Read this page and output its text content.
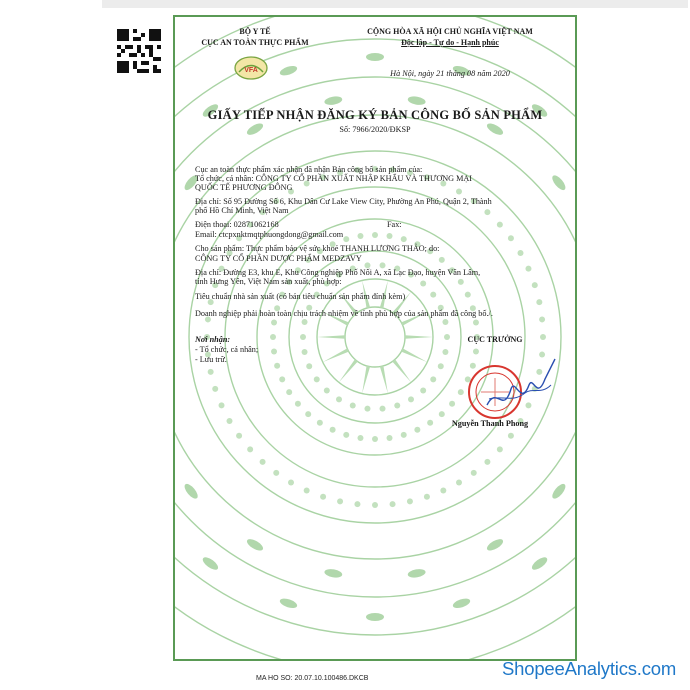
VFA
BỘ Y TẾ
CỤC AN TOÀN THỰC PHẨM
CỘNG HÒA XÃ HỘI CHỦ NGHĨA VIỆT NAM
Độc lập - Tự do - Hạnh phúc
Hà Nội, ngày 21 tháng 08 năm 2020
GIẤY TIẾP NHẬN ĐĂNG KÝ BẢN CÔNG BỐ SẢN PHẨM
Số: 7966/2020/ĐKSP
Cục an toàn thực phẩm xác nhận đã nhận Bản công bố sản phẩm của:
Tổ chức, cá nhân: CÔNG TY CỔ PHẦN XUẤT NHẬP KHẨU VÀ THƯƠNG MẠI
QUỐC TẾ PHƯƠNG ĐÔNG
Địa chỉ: Số 95 Đường Số 6, Khu Dân Cư Lake View City, Phường An Phú, Quận 2, Thành
phố Hồ Chí Minh, Việt Nam
Điện thoại: 02871062168	Fax:
Email: ctcpxnktmqtphuongdong@gmail.com
Cho sản phẩm: Thực phẩm bảo vệ sức khoẻ THANH LƯƠNG THẢO; do:
CÔNG TY CỔ PHẦN DƯỢC PHẨM MEDZAVY
Địa chỉ: Đường E3, khu E, Khu Công nghiệp Phố Nối A, xã Lạc Đạo, huyện Văn Lâm,
tỉnh Hưng Yên, Việt Nam sản xuất, phù hợp:
Tiêu chuẩn nhà sản xuất (có bản tiêu chuẩn sản phẩm đính kèm)
Doanh nghiệp phải hoàn toàn chịu trách nhiệm về tính phù hợp của sản phẩm đã công bố./.
Nơi nhận:
- Tổ chức, cá nhân;
- Lưu trữ.
CỤC TRƯỞNG
Nguyễn Thanh Phong
MA HO SO: 20.07.10.100486.DKCB	ShopeeAnalytics.com
